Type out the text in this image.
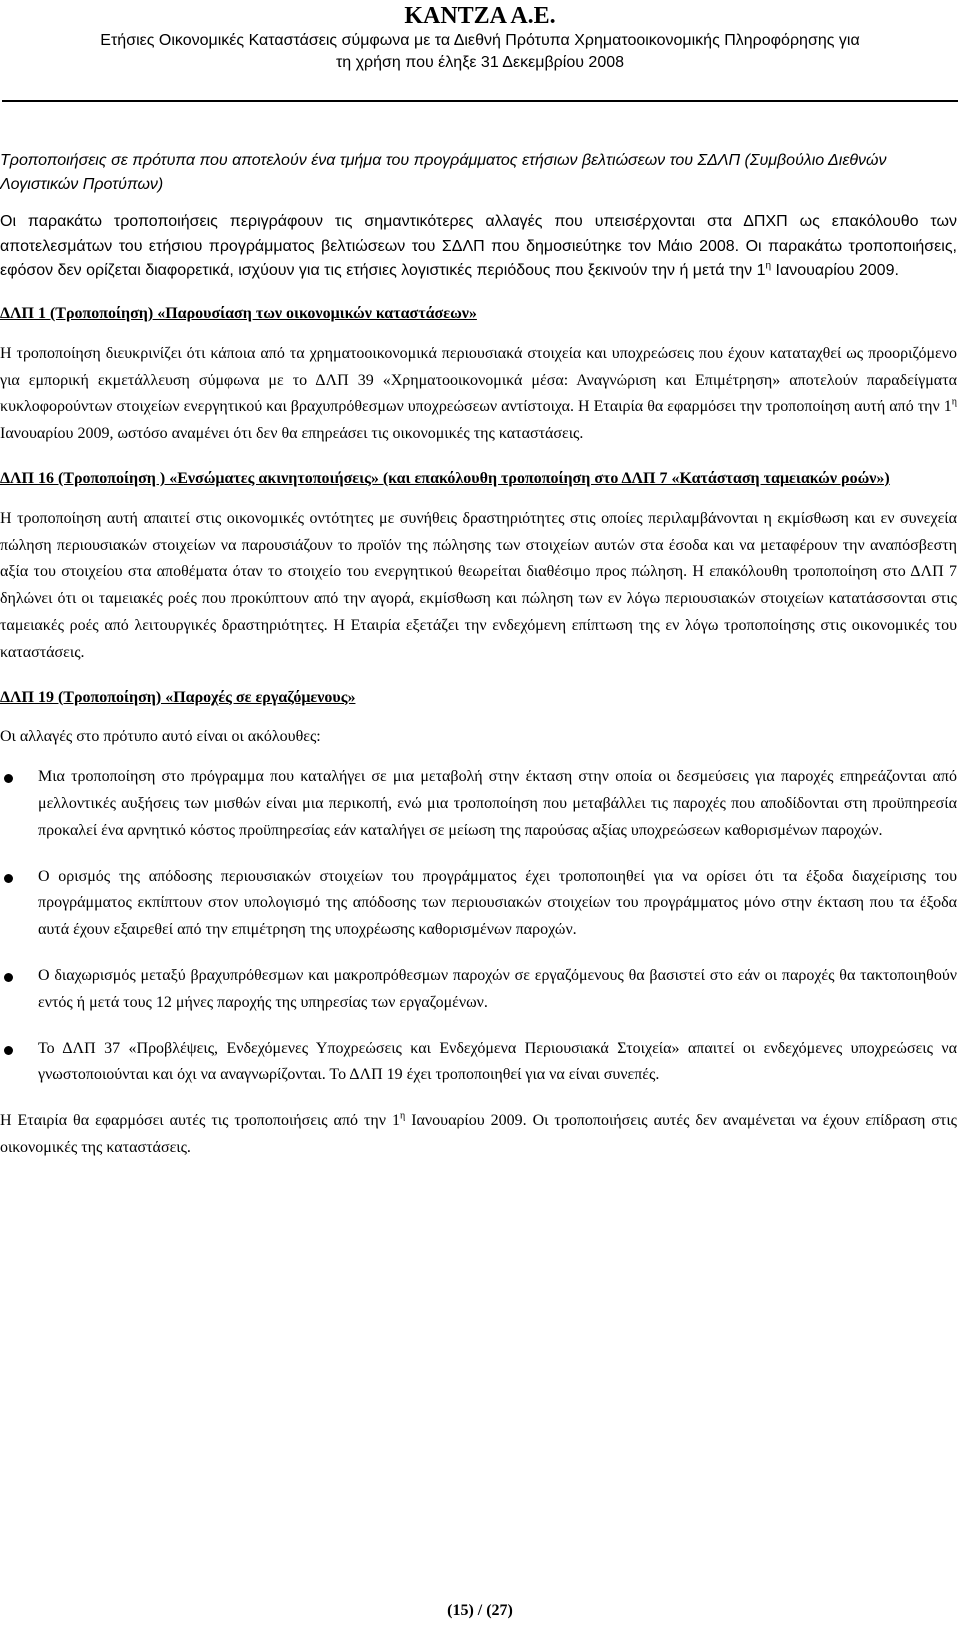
ΚΑΝΤΖΑ Α.Ε.
Ετήσιες Οικονομικές Καταστάσεις σύμφωνα με τα Διεθνή Πρότυπα Χρηματοοικονομικής Πληροφόρησης για
τη χρήση που έληξε 31 Δεκεμβρίου 2008

Τροποποιήσεις σε πρότυπα που αποτελούν ένα τμήμα του προγράμματος ετήσιων βελτιώσεων του ΣΔΛΠ (Συμβούλιο Διεθνών Λογιστικών Προτύπων)

Οι παρακάτω τροποποιήσεις περιγράφουν τις σημαντικότερες αλλαγές που υπεισέρχονται στα ΔΠΧΠ ως επακόλουθο των αποτελεσμάτων του ετήσιου προγράμματος βελτιώσεων του ΣΔΛΠ που δημοσιεύτηκε τον Μάιο 2008. Οι παρακάτω τροποποιήσεις, εφόσον δεν ορίζεται διαφορετικά, ισχύουν για τις ετήσιες λογιστικές περιόδους που ξεκινούν την ή μετά την $1^\eta$ Ιανουαρίου 2009.

ΔΛΠ 1 (Τροποποίηση) «Παρουσίαση των οικονομικών καταστάσεων»

Η τροποποίηση διευκρινίζει ότι κάποια από τα χρηματοοικονομικά περιουσιακά στοιχεία και υποχρεώσεις που έχουν καταταχθεί ως προοριζόμενο για εμπορική εκμετάλλευση σύμφωνα με το ΔΛΠ 39 «Χρηματοοικονομικά μέσα: Αναγνώριση και Επιμέτρηση» αποτελούν παραδείγματα κυκλοφορούντων στοιχείων ενεργητικού και βραχυπρόθεσμων υποχρεώσεων αντίστοιχα. Η Εταιρία θα εφαρμόσει την τροποποίηση αυτή από την $1^\eta$ Ιανουαρίου 2009, ωστόσο αναμένει ότι δεν θα επηρεάσει τις οικονομικές της καταστάσεις.

ΔΛΠ 16 (Τροποποίηση ) «Ενσώματες ακινητοποιήσεις» (και επακόλουθη τροποποίηση στο ΔΛΠ 7 «Κατάσταση ταμειακών ροών»)

Η τροποποίηση αυτή απαιτεί στις οικονομικές οντότητες με συνήθεις δραστηριότητες στις οποίες περιλαμβάνονται η εκμίσθωση και εν συνεχεία πώληση περιουσιακών στοιχείων να παρουσιάζουν το προϊόν της πώλησης των στοιχείων αυτών στα έσοδα και να μεταφέρουν την αναπόσβεστη αξία του στοιχείου στα αποθέματα όταν το στοιχείο του ενεργητικού θεωρείται διαθέσιμο προς πώληση. Η επακόλουθη τροποποίηση στο ΔΛΠ 7 δηλώνει ότι οι ταμειακές ροές που προκύπτουν από την αγορά, εκμίσθωση και πώληση των εν λόγω περιουσιακών στοιχείων κατατάσσονται στις ταμειακές ροές από λειτουργικές δραστηριότητες. Η Εταιρία εξετάζει την ενδεχόμενη επίπτωση της εν λόγω τροποποίησης στις οικονομικές του καταστάσεις.

ΔΛΠ 19 (Τροποποίηση) «Παροχές σε εργαζόμενους»

Οι αλλαγές στο πρότυπο αυτό είναι οι ακόλουθες:

Μια τροποποίηση στο πρόγραμμα που καταλήγει σε μια μεταβολή στην έκταση στην οποία οι δεσμεύσεις για παροχές επηρεάζονται από μελλοντικές αυξήσεις των μισθών είναι μια περικοπή, ενώ μια τροποποίηση που μεταβάλλει τις παροχές που αποδίδονται στη προϋπηρεσία προκαλεί ένα αρνητικό κόστος προϋπηρεσίας εάν καταλήγει σε μείωση της παρούσας αξίας υποχρεώσεων καθορισμένων παροχών.
Ο ορισμός της απόδοσης περιουσιακών στοιχείων του προγράμματος έχει τροποποιηθεί για να ορίσει ότι τα έξοδα διαχείρισης του προγράμματος εκπίπτουν στον υπολογισμό της απόδοσης των περιουσιακών στοιχείων του προγράμματος μόνο στην έκταση που τα έξοδα αυτά έχουν εξαιρεθεί από την επιμέτρηση της υποχρέωσης καθορισμένων παροχών.
Ο διαχωρισμός μεταξύ βραχυπρόθεσμων και μακροπρόθεσμων παροχών σε εργαζόμενους θα βασιστεί στο εάν οι παροχές θα τακτοποιηθούν εντός ή μετά τους 12 μήνες παροχής της υπηρεσίας των εργαζομένων.
Το ΔΛΠ 37 «Προβλέψεις, Ενδεχόμενες Υποχρεώσεις και Ενδεχόμενα Περιουσιακά Στοιχεία» απαιτεί οι ενδεχόμενες υποχρεώσεις να γνωστοποιούνται και όχι να αναγνωρίζονται. Το ΔΛΠ 19 έχει τροποποιηθεί για να είναι συνεπές.

Η Εταιρία θα εφαρμόσει αυτές τις τροποποιήσεις από την $1^\eta$ Ιανουαρίου 2009. Οι τροποποιήσεις αυτές δεν αναμένεται να έχουν επίδραση στις οικονομικές της καταστάσεις.

(15) / (27)
